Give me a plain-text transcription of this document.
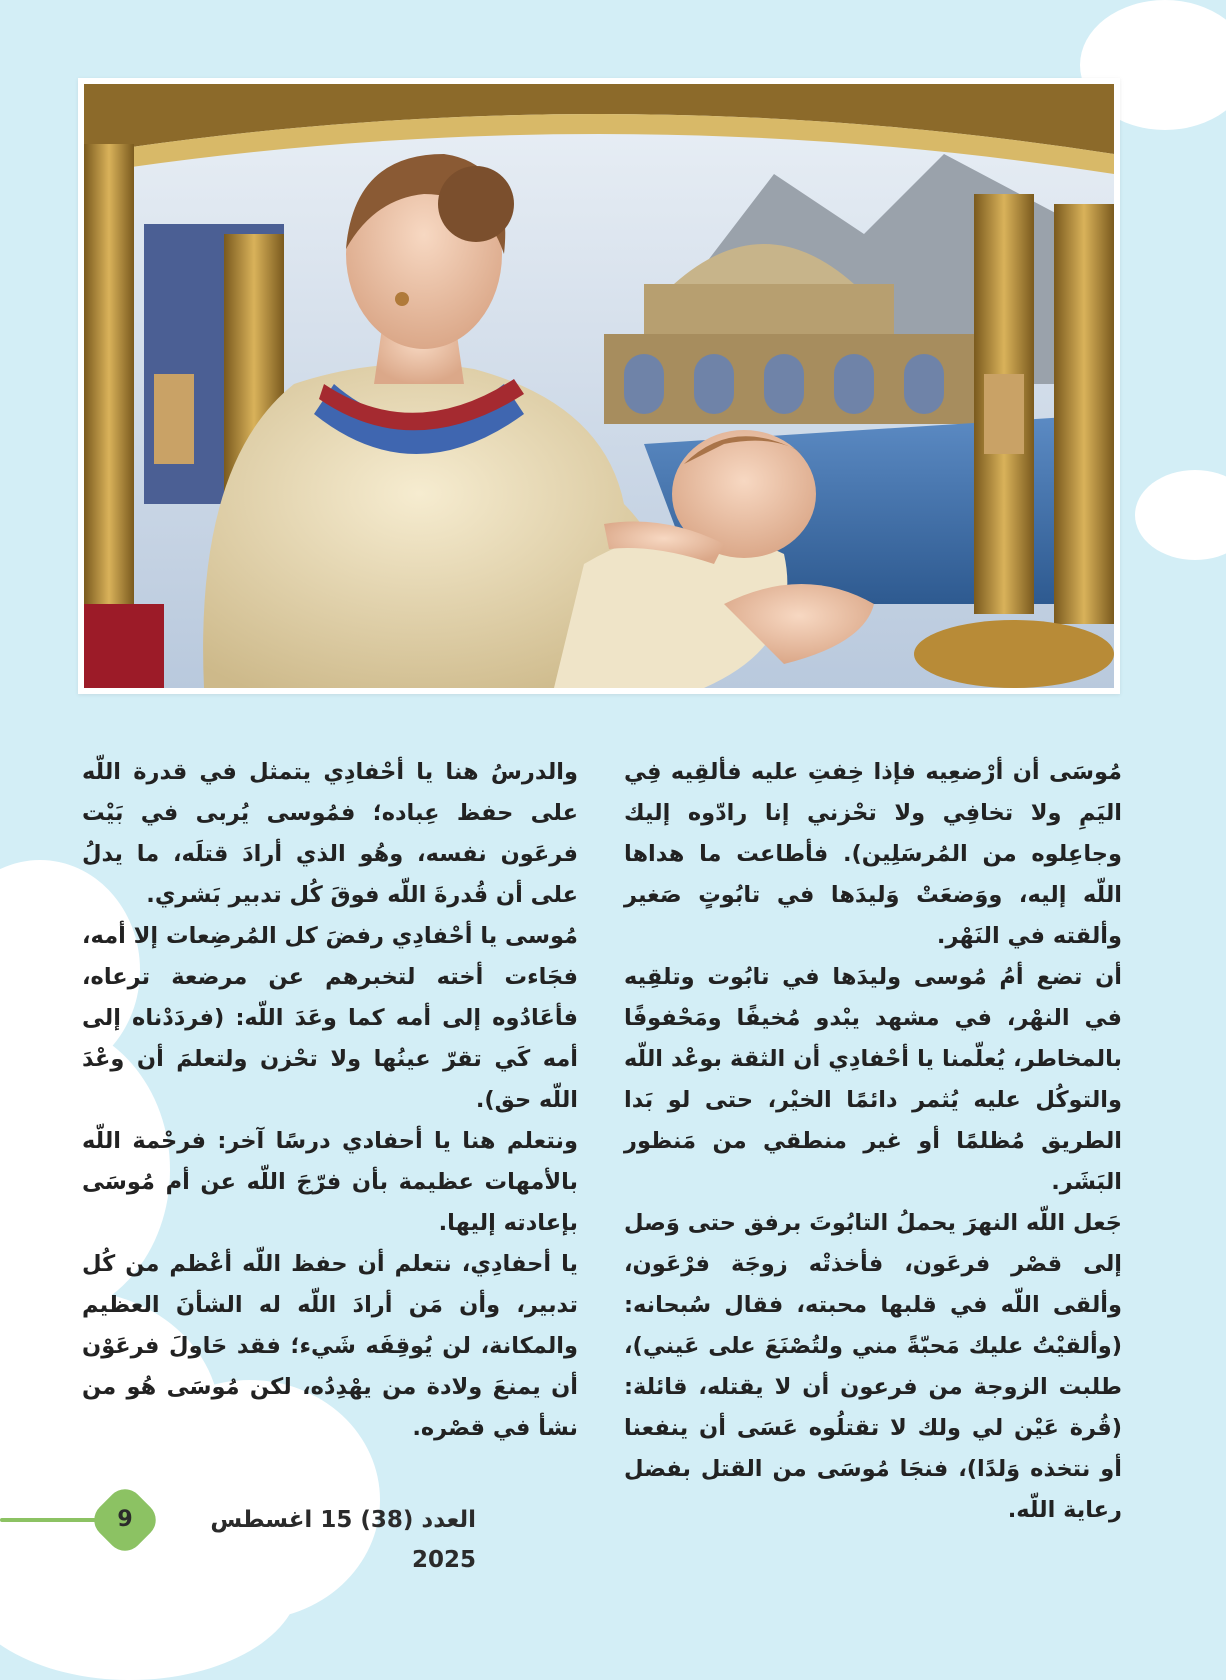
مُوسَى أن أرْضعِيه فإذا خِفتِ عليه فألقِيه فِي اليَمِ ولا تخافِي ولا تحْزني إنا رادّوه إليك وجاعِلوه من المُرسَلِين). فأطاعت ما هداها اللّه إليه، ووَضعَتْ وَليدَها في تابُوتٍ صَغير وألقته في النَهْر.

أن تضع أمُ مُوسى وليدَها في تابُوت وتلقِيه في النهْر، في مشهد يبْدو مُخيفًا ومَحْفوفًا بالمخاطر، يُعلّمنا يا أحْفادِي أن الثقة بوعْد اللّه والتوكُل عليه يُثمر دائمًا الخيْر، حتى لو بَدا الطريق مُظلمًا أو غير منطقي من مَنظور البَشَر.

جَعل اللّه النهرَ يحملُ التابُوتَ برفق حتى وَصل إلى قصْر فرعَون، فأخذتْه زوجَة فرْعَون، وألقى اللّه في قلبها محبته، فقال سُبحانه: (وألقيْتُ عليك مَحبّةً مني ولتُصْنَعَ على عَيني)، طلبت الزوجة من فرعون أن لا يقتله، قائلة: (قُرة عَيْن لي ولك لا تقتلُوه عَسَى أن ينفعنا أو نتخذه وَلدًا)، فنجَا مُوسَى من القتل بفضل رعاية اللّه.

والدرسُ هنا يا أحْفادِي يتمثل في قدرة اللّه على حفظ عِباده؛ فمُوسى يُربى في بَيْت فرعَون نفسه، وهُو الذي أرادَ قتلَه، ما يدلُ على أن قُدرةَ اللّه فوقَ كُل تدبير بَشري.

مُوسى يا أحْفادِي رفضَ كل المُرضِعات إلا أمه، فجَاءت أخته لتخبرهم عن مرضعة ترعاه، فأعَادُوه إلى أمه كما وعَدَ اللّه: (فردَدْناه إلى أمه كَي تقرّ عينُها ولا تحْزن ولتعلمَ أن وعْدَ اللّه حق).

ونتعلم هنا يا أحفادي درسًا آخر: فرحْمة اللّه بالأمهات عظيمة بأن فرّجَ اللّه عن أم مُوسَى بإعادته إليها.

يا أحفادِي، نتعلم أن حفظ اللّه أعْظم من كُل تدبير، وأن مَن أرادَ اللّه له الشأنَ العظيم والمكانة، لن يُوقِفَه شَيء؛ فقد حَاولَ فرعَوْن أن يمنعَ ولادة من يهْدِدُه، لكن مُوسَى هُو من نشأ في قصْره.

9	العدد (38) 15 اغسطس 2025
